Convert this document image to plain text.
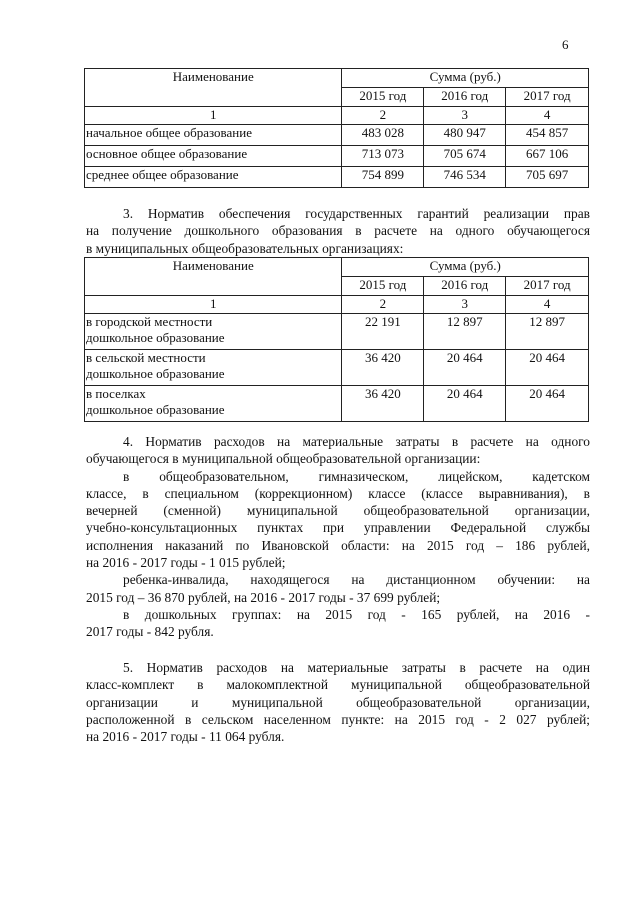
6
Наименование	Сумма (руб.)		
	2015 год	2016 год	2017 год
1	2	3	4
начальное общее образование	483 028	480 947	454 857
основное общее образование	713 073	705 674	667 106
среднее общее образование	754 899	746 534	705 697
3. Норматив обеспечения государственных гарантий реализации прав
на получение дошкольного образования в расчете на одного обучающегося
в муниципальных общеобразовательных организациях:
Наименование	Сумма (руб.)		
	2015 год	2016 год	2017 год
1	2	3	4

в городской местности
дошкольное образование	22 191	12 897	12 897

в сельской местности
дошкольное образование	36 420	20 464	20 464

в поселках
дошкольное образование	36 420	20 464	20 464
4. Норматив расходов на материальные затраты в расчете на одного
обучающегося в муниципальной общеобразовательной организации:
в общеобразовательном, гимназическом, лицейском, кадетском
классе, в специальном (коррекционном) классе (классе выравнивания), в
вечерней (сменной) муниципальной общеобразовательной организации,
учебно-консультационных пунктах при управлении Федеральной службы
исполнения наказаний по Ивановской области: на 2015 год – 186 рублей,
на 2016 - 2017 годы - 1 015 рублей;
ребенка-инвалида, находящегося на дистанционном обучении: на
2015 год – 36 870 рублей, на 2016 - 2017 годы - 37 699 рублей;
в дошкольных группах: на 2015 год - 165 рублей, на 2016 -
2017 годы - 842 рубля.
5. Норматив расходов на материальные затраты в расчете на один
класс-комплект в малокомплектной муниципальной общеобразовательной
организации и муниципальной общеобразовательной организации,
расположенной в сельском населенном пункте: на 2015 год - 2 027 рублей;
на 2016 - 2017 годы - 11 064 рубля.
